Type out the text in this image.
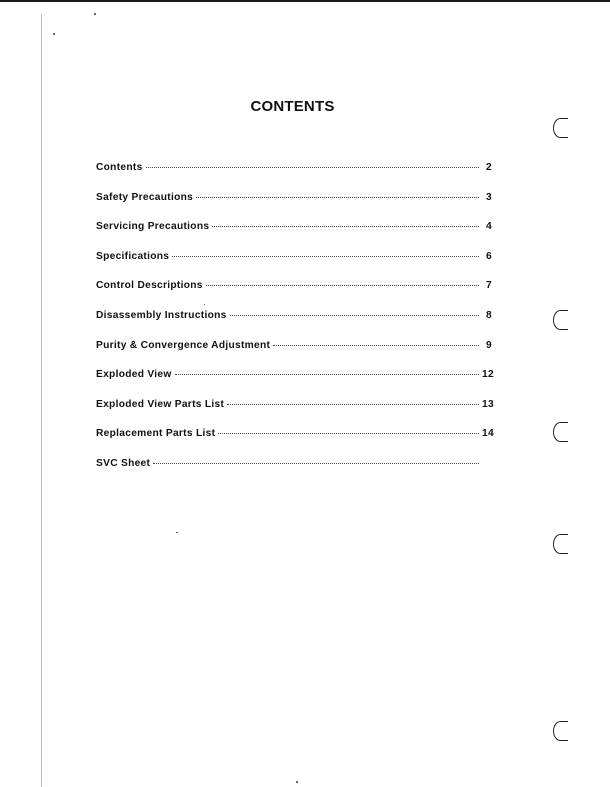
CONTENTS
Contents	2
Safety Precautions	3
Servicing Precautions	4
Specifications	6
Control Descriptions	7
Disassembly Instructions	8
Purity & Convergence Adjustment	9
Exploded View	12
Exploded View Parts List	13
Replacement Parts List	14
SVC Sheet
